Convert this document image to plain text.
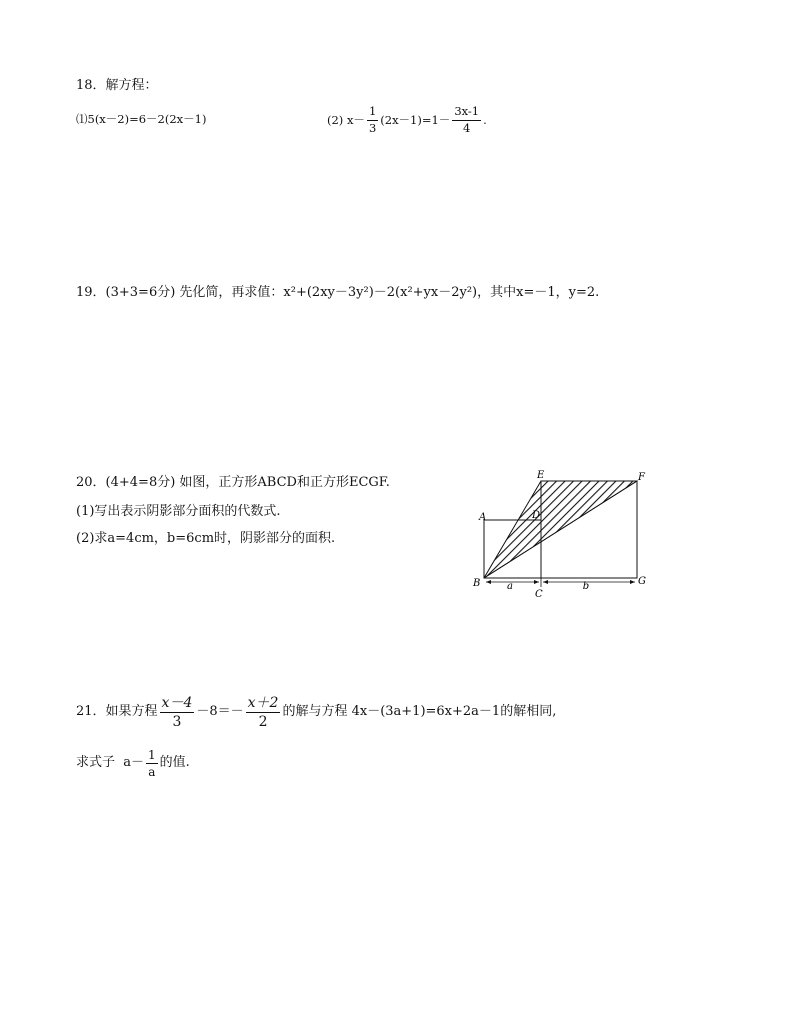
18．解方程：
⑴5(x－2)=6－2(2x－1)	(2) $x- \frac{1}{3} (2x-1)=1- \frac{3x-1}{4}$ .
19．(3+3=6分) 先化简，再求值：x²+(2xy－3y²)－2(x²+yx－2y²)，其中x=－1，y=2.
20．(4+4=8分) 如图，正方形ABCD和正方形ECGF.
(1)写出表示阴影部分面积的代数式.
(2)求a=4cm，b=6cm时，阴影部分的面积.
a	b
A
B
C
D
E	F
G
21．如果方程 $\frac{x-4}{3} -8=- \frac{x+2}{2}$ 的解与方程 4x－(3a+1)=6x+2a－1的解相同,
求式子  $a- \frac{1}{a}$ 的值.
